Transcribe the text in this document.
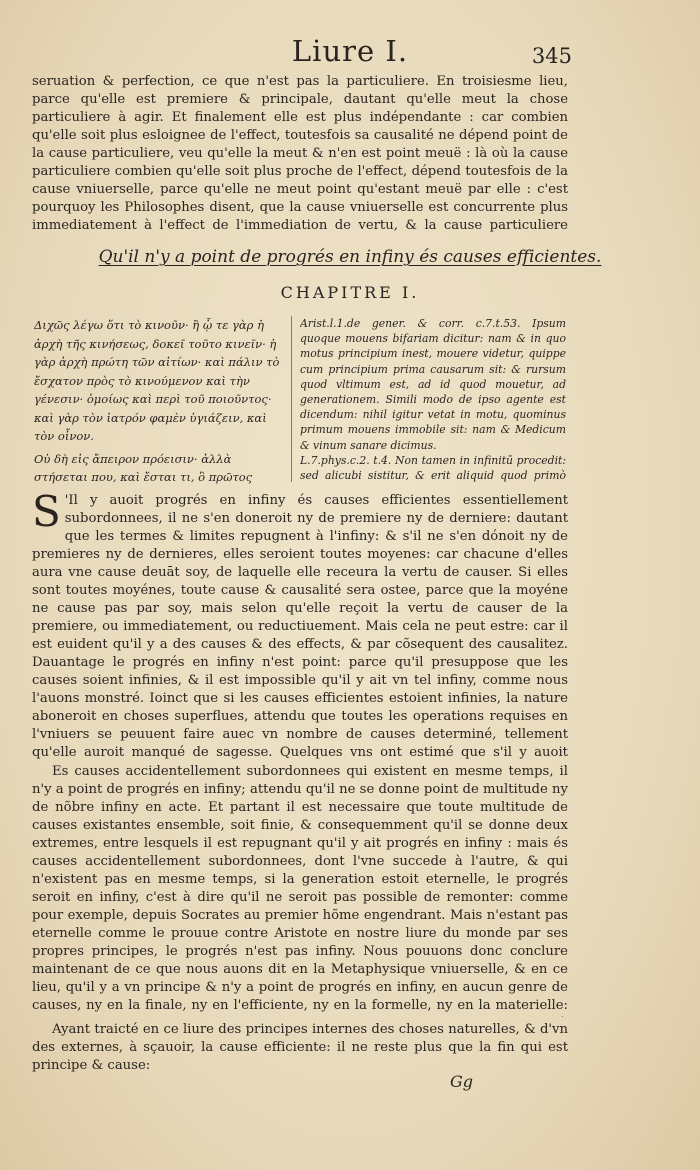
Liure I.	345

seruation & perfection, ce que n'est pas la particuliere. En troisiesme lieu, parce qu'elle est premiere & principale, dautant qu'elle meut la chose particuliere à agir. Et finalement elle est plus indépendante : car combien qu'elle soit plus esloignee de l'effect, toutesfois sa causalité ne dépend point de la cause particuliere, veu qu'elle la meut & n'en est point meuë : là où la cause particuliere combien qu'elle soit plus proche de l'effect, dépend toutesfois de la cause vniuerselle, parce qu'elle ne meut point qu'estant meuë par elle : c'est pourquoy les Philosophes disent, que la cause vniuerselle est concurrente plus immediatement à l'effect de l'immediation de vertu, & la cause particuliere

Qu'il n'y a point de progrés en infiny és causes efficientes.
CHAPITRE I.

Διχῶς λέγω ὅτι τὸ κινοῦν· ἢ ᾧ τε γὰρ ἡ ἀρχὴ τῆς κινήσεως, δοκεῖ τοῦτο κινεῖν· ἡ γὰρ ἀρχὴ πρώτη τῶν αἰτίων· καὶ πάλιν τὸ ἔσχατον πρὸς τὸ κινούμενον καὶ τὴν γένεσιν· ὁμοίως καὶ περὶ τοῦ ποιοῦντος· καὶ γὰρ τὸν ἰατρόν φαμὲν ὑγιάζειν, καὶ τὸν οἶνον.

Οὐ δὴ εἰς ἄπειρον πρόεισιν· ἀλλὰ στήσεται που, καὶ ἔσται τι, ὃ πρῶτος

Arist.l.1.de gener. & corr. c.7.t.53. Ipsum quoque mouens bifariam dicitur: nam & in quo motus principium inest, mouere videtur, quippe cum principium prima causarum sit: & rursum quod vltimum est, ad id quod mouetur, ad generationem. Simili modo de ipso agente est dicendum: nihil igitur vetat in motu, quominus primum mouens immobile sit: nam & Medicum & vinum sanare dicimus.

L.7.phys.c.2. t.4. Non tamen in infinitū procedit: sed alicubi sistitur, & erit aliquid quod primò

S 'Il y auoit progrés en infiny és causes efficientes essentiellement subordonnees, il ne s'en doneroit ny de premiere ny de derniere: dautant que les termes & limites repugnent à l'infiny: & s'il ne s'en dónoit ny de premieres ny de dernieres, elles seroient toutes moyenes: car chacune d'elles aura vne cause deuāt soy, de laquelle elle receura la vertu de causer. Si elles sont toutes moyénes, toute cause & causalité sera ostee, parce que la moyéne ne cause pas par soy, mais selon qu'elle reçoit la vertu de causer de la premiere, ou immediatement, ou reductiuement. Mais cela ne peut estre: car il est euident qu'il y a des causes & des effects, & par cõsequent des causalitez. Dauantage le progrés en infiny n'est point: parce qu'il presuppose que les causes soient infinies, & il est impossible qu'il y ait vn tel infiny, comme nous l'auons monstré. Ioinct que si les causes efficientes estoient infinies, la nature aboneroit en choses superflues, attendu que toutes les operations requises en l'vniuers se peuuent faire auec vn nombre de causes determiné, tellement qu'elle auroit manqué de sagesse. Quelques vns ont estimé que s'il y auoit

Es causes accidentellement subordonnees qui existent en mesme temps, il n'y a point de progrés en infiny; attendu qu'il ne se donne point de multitude ny de nõbre infiny en acte. Et partant il est necessaire que toute multitude de causes existantes ensemble, soit finie, & consequemment qu'il se donne deux extremes, entre lesquels il est repugnant qu'il y ait progrés en infiny : mais és causes accidentellement subordonnees, dont l'vne succede à l'autre, & qui n'existent pas en mesme temps, si la generation estoit eternelle, le progrés seroit en infiny, c'est à dire qu'il ne seroit pas possible de remonter: comme pour exemple, depuis Socrates au premier hõme engendrant. Mais n'estant pas eternelle comme le prouue contre Aristote en nostre liure du monde par ses propres principes, le progrés n'est pas infiny. Nous pouuons donc conclure maintenant de ce que nous auons dit en la Metaphysique vniuerselle, & en ce lieu, qu'il y a vn principe & n'y a point de progrés en infiny, en aucun genre de causes, ny en la finale, ny en l'efficiente, ny en la formelle, ny en la materielle:

Ayant traicté en ce liure des principes internes des choses naturelles, & d'vn des externes, à sçauoir, la cause efficiente: il ne reste plus que la fin qui est principe & cause:

Gg
